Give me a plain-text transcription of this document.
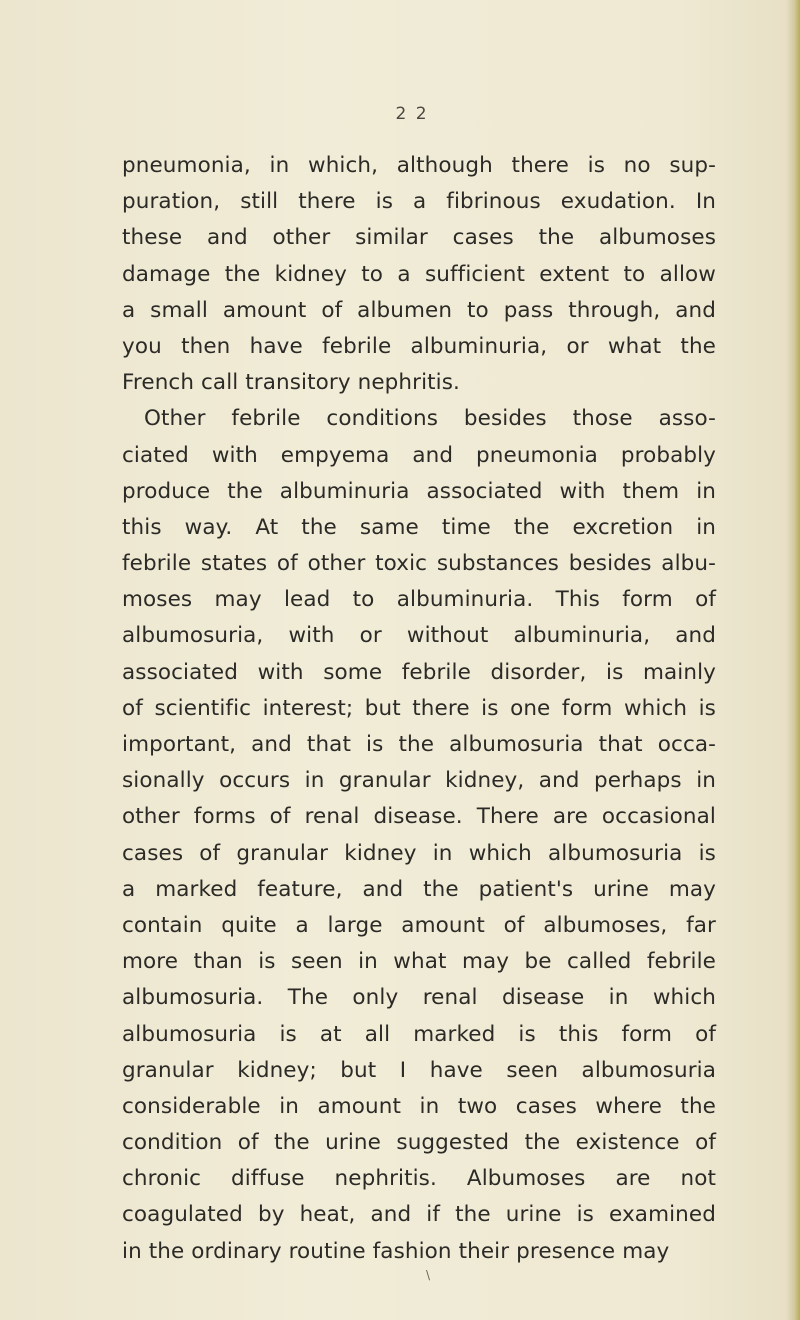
2 2
pneumonia, in which, although there is no sup-
puration, still there is a fibrinous exudation. In
these and other similar cases the albumoses
damage the kidney to a sufficient extent to allow
a small amount of albumen to pass through, and
you then have febrile albuminuria, or what the
French call transitory nephritis.
Other febrile conditions besides those asso-
ciated with empyema and pneumonia probably
produce the albuminuria associated with them in
this way. At the same time the excretion in
febrile states of other toxic substances besides albu-
moses may lead to albuminuria. This form of
albumosuria, with or without albuminuria, and
associated with some febrile disorder, is mainly
of scientific interest; but there is one form which is
important, and that is the albumosuria that occa-
sionally occurs in granular kidney, and perhaps in
other forms of renal disease. There are occasional
cases of granular kidney in which albumosuria is
a marked feature, and the patient's urine may
contain quite a large amount of albumoses, far
more than is seen in what may be called febrile
albumosuria. The only renal disease in which
albumosuria is at all marked is this form of
granular kidney; but I have seen albumosuria
considerable in amount in two cases where the
condition of the urine suggested the existence of
chronic diffuse nephritis. Albumoses are not
coagulated by heat, and if the urine is examined
in the ordinary routine fashion their presence may
\
